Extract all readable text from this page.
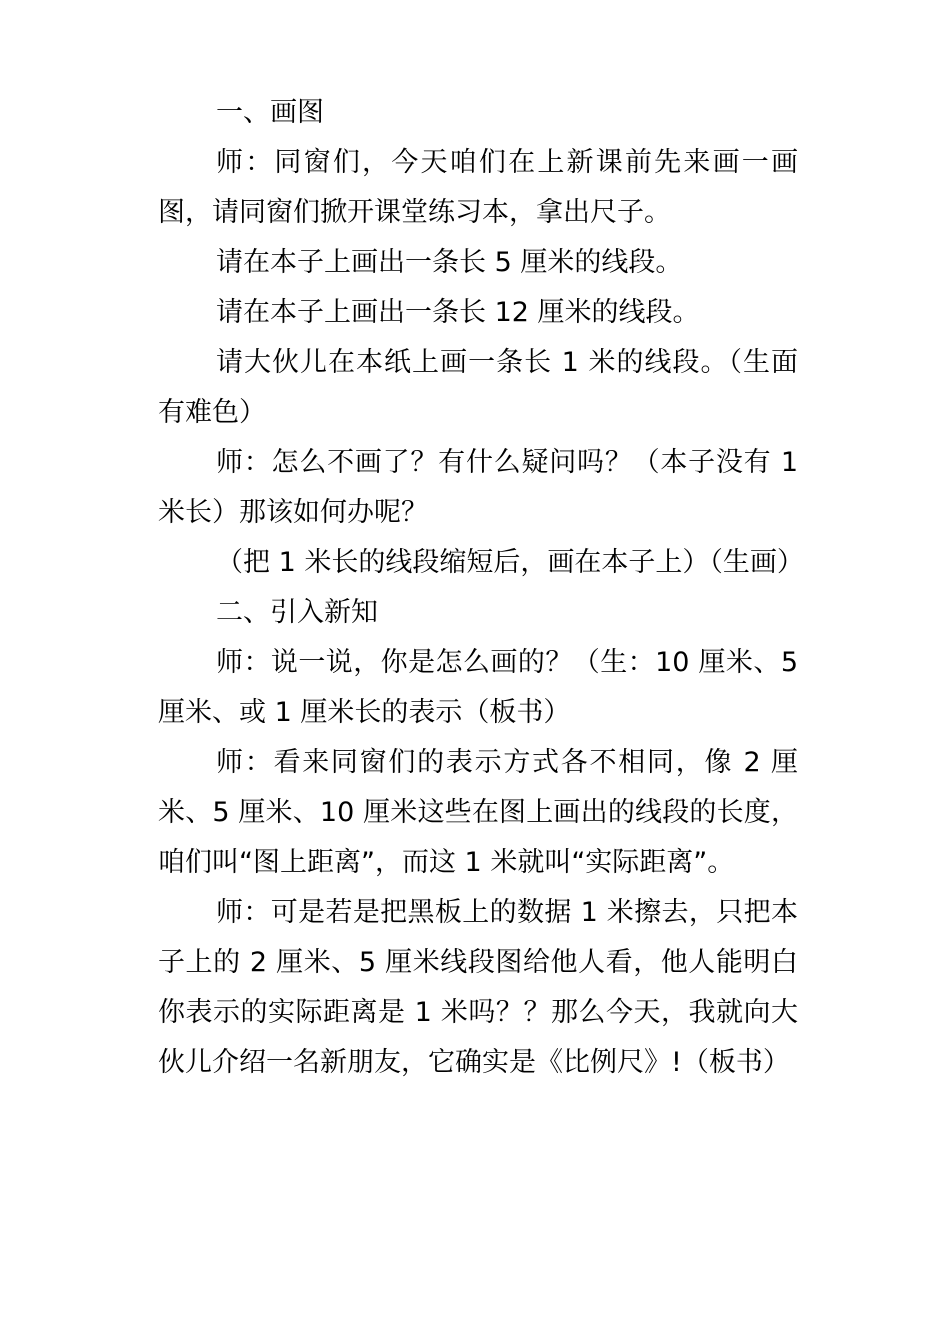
一、画图

师：同窗们，今天咱们在上新课前先来画一画图，请同窗们掀开课堂练习本，拿出尺子。

请在本子上画出一条长 5 厘米的线段。

请在本子上画出一条长 12 厘米的线段。

请大伙儿在本纸上画一条长 1 米的线段。（生面有难色）

师：怎么不画了？有什么疑问吗？（本子没有 1 米长）那该如何办呢？

（把 1 米长的线段缩短后，画在本子上）（生画）

二、引入新知

师：说一说，你是怎么画的？（生：10 厘米、5 厘米、或 1 厘米长的表示（板书）

师：看来同窗们的表示方式各不相同，像 2 厘米、5 厘米、10 厘米这些在图上画出的线段的长度，咱们叫“图上距离”，而这 1 米就叫“实际距离”。

师：可是若是把黑板上的数据 1 米擦去，只把本子上的 2 厘米、5 厘米线段图给他人看，他人能明白你表示的实际距离是 1 米吗？？那么今天，我就向大伙儿介绍一名新朋友，它确实是《比例尺》!（板书）
